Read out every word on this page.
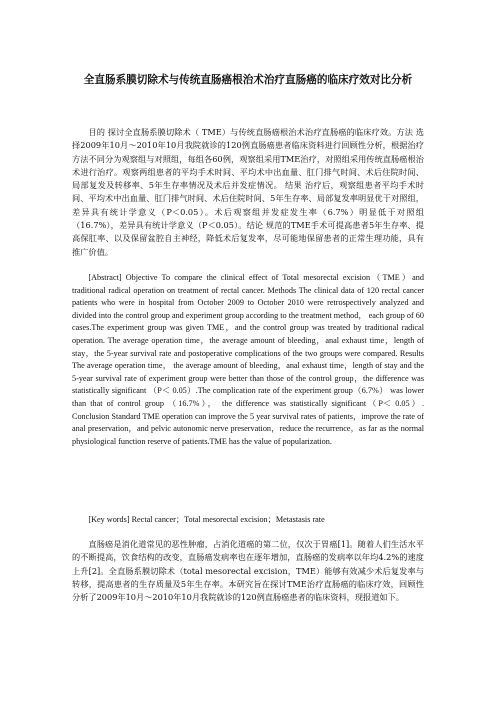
全直肠系膜切除术与传统直肠癌根治术治疗直肠癌的临床疗效对比分析
目的 探讨全直肠系膜切除术（ TME）与传统直肠癌根治术治疗直肠癌的临床疗效。方法 选择2009年10月～2010年10月我院就诊的120例直肠癌患者临床资料进行回顾性分析，根据治疗方法不同分为观察组与对照组，每组各60例，观察组采用TME治疗，对照组采用传统直肠癌根治术进行治疗。观察两组患者的平均手术时间、平均术中出血量、肛门排气时间、术后住院时间、局部复发及转移率、5年生存率情况及术后并发症情况。 结果 治疗后，观察组患者平均手术时间、平均术中出血量、肛门排气时间、术后住院时间、5年生存率、局部复发率明显优于对照组，差异具有统计学意义（P＜0.05）。术后观察组并发症发生率（6.7%）明显低于对照组（16.7%），差异具有统计学意义（P＜0.05）。结论 规范的TME手术可提高患者5年生存率、提高保肛率、以及保留盆腔自主神经，降低术后复发率，尽可能地保留患者的正常生理功能，具有推广价值。
[Abstract] Objective To compare the clinical effect of Total mesorectal excision（TME）and traditional radical operation on treatment of rectal cancer. Methods The clinical data of 120 rectal cancer patients who were in hospital from October 2009 to October 2010 were retrospectively analyzed and divided into the control group and experiment group according to the treatment method， each group of 60 cases.The experiment group was given TME，and the control group was treated by traditional radical operation. The average operation time，the average amount of bleeding，anal exhaust time，length of stay，the 5-year survival rate and postoperative complications of the two groups were compared. Results The average operation time， the average amount of bleeding，anal exhaust time，length of stay and the 5-year survival rate of experiment group were better than those of the control group，the difference was statistically significant （P＜ 0.05）.The complication rate of the experiment group（6.7%） was lower than that of control group （16.7%）， the difference was statistically significant（P＜ 0.05）. Conclusion Standard TME operation can improve the 5 year survival rates of patients，improve the rate of anal preservation，and pelvic autonomic nerve preservation，reduce the recurrence，as far as the normal physiological function reserve of patients.TME has the value of popularization.
[Key words] Rectal cancer；Total mesorectal excision；Metastasis rate
直肠癌是消化道常见的恶性肿瘤，占消化道癌的第二位，仅次于胃癌[1]。随着人们生活水平的不断提高，饮食结构的改变，直肠癌发病率也在逐年增加，直肠癌的发病率以年均4.2%的速度上升[2]。全直肠系膜切除术（total mesorectal excision，TME）能够有效减少术后复发率与转移，提高患者的生存质量及5年生存率。本研究旨在探讨TME治疗直肠癌的临床疗效，回顾性分析了2009年10月～2010年10月我院就诊的120例直肠癌患者的临床资料，现报道如下。
